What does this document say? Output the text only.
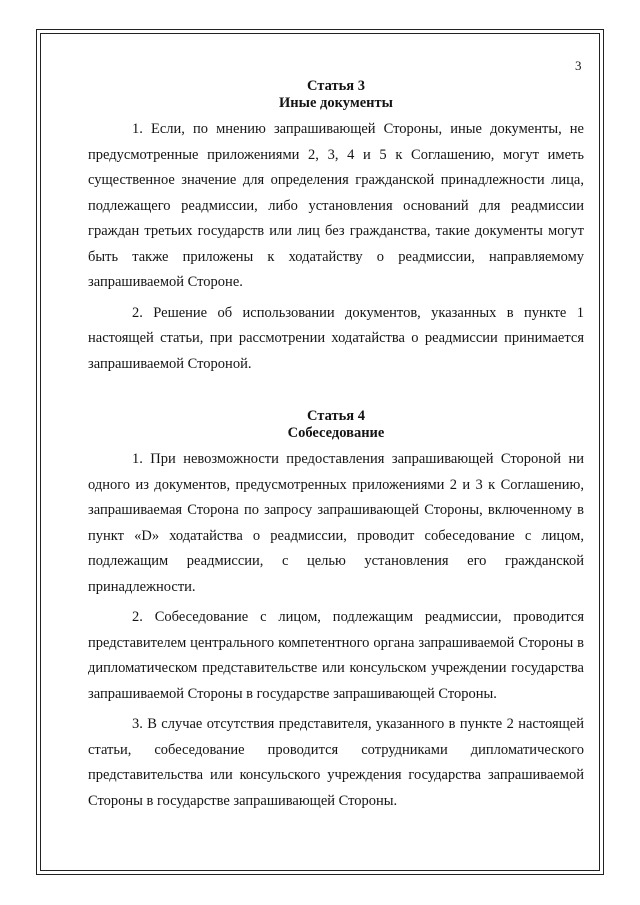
3
Статья 3
Иные документы

1. Если, по мнению запрашивающей Стороны, иные документы, не предусмотренные приложениями 2, 3, 4 и 5 к Соглашению, могут иметь существенное значение для определения гражданской принадлежности лица, подлежащего реадмиссии, либо установления оснований для реадмиссии граждан третьих государств или лиц без гражданства, такие документы могут быть также приложены к ходатайству о реадмиссии, направляемому запрашиваемой Стороне.

2. Решение об использовании документов, указанных в пункте 1 настоящей статьи, при рассмотрении ходатайства о реадмиссии принимается запрашиваемой Стороной.

Статья 4
Собеседование

1. При невозможности предоставления запрашивающей Стороной ни одного из документов, предусмотренных приложениями 2 и 3 к Соглашению, запрашиваемая Сторона по запросу запрашивающей Стороны, включенному в пункт «D» ходатайства о реадмиссии, проводит собеседование с лицом, подлежащим реадмиссии, с целью установления его гражданской принадлежности.

2. Собеседование с лицом, подлежащим реадмиссии, проводится представителем центрального компетентного органа запрашиваемой Стороны в дипломатическом представительстве или консульском учреждении государства запрашиваемой Стороны в государстве запрашивающей Стороны.

3. В случае отсутствия представителя, указанного в пункте 2 настоящей статьи, собеседование проводится сотрудниками дипломатического представительства или консульского учреждения государства запрашиваемой Стороны в государстве запрашивающей Стороны.
